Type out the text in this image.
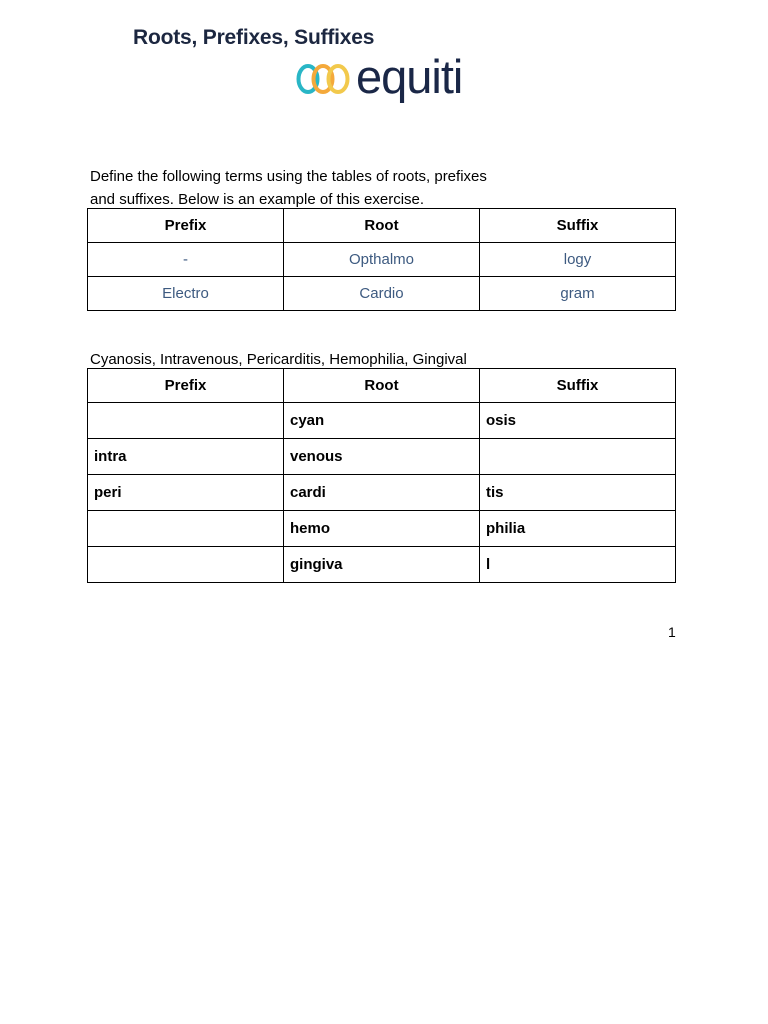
Roots, Prefixes, Suffixes
equiti

Define the following terms using the tables of roots, prefixes
and suffixes. Below is an example of this exercise.

Prefix	Root	Suffix
-	Opthalmo	logy
Electro	Cardio	gram

Cyanosis, Intravenous, Pericarditis, Hemophilia, Gingival

Prefix	Root	Suffix
	cyan	osis
intra	venous	
peri	cardi	tis
	hemo	philia
	gingiva	l
1
